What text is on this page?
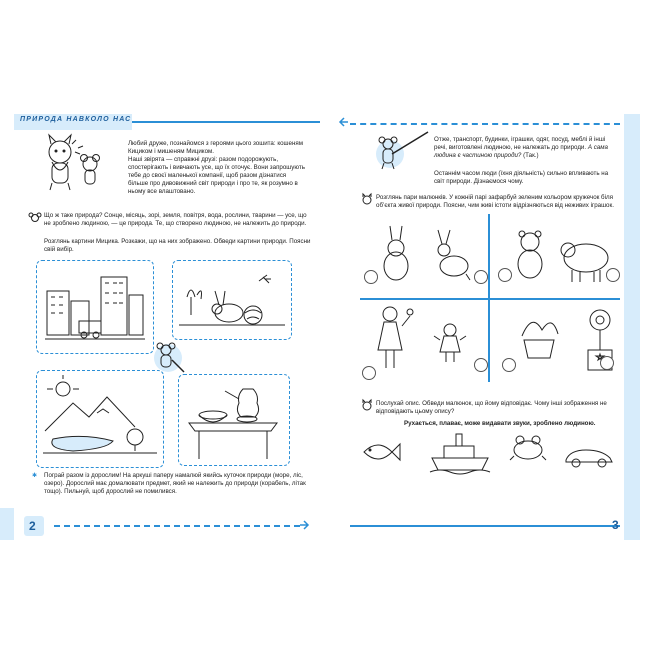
ПРИРОДА НАВКОЛО НАС
2
Любий друже, познайомся з героями цього зошита: кошеням Кициком і мишеням Мициком.
Наші звірята — справжні друзі: разом подорожують, спостерігають і вивчають усе, що їх оточує. Вони запрошують тебе до своєї маленької компанії, щоб разом дізнатися більше про дивовижний світ природи і про те, як розумно в ньому все влаштовано.
Що ж таке природа? Сонце, місяць, зорі, земля, повітря, вода, рослини, тварини — усе, що не зроблено людиною, — це природа. Те, що створено людиною, не належить до природи.
Розглянь картини Мицика. Розкажи, що на них зображено. Обведи картини природи. Поясни свій вибір.
✱	Пограй разом із дорослим! На аркуші паперу намалюй якийсь куточок природи (море, ліс, озеро). Дорослий має домалювати предмет, який не належить до природи (корабель, літак тощо). Пильнуй, щоб дорослий не помилився.
3
Отже, транспорт, будинки, іграшки, одяг, посуд, меблі й інші речі, виготовлені людиною, не належать до природи. А сама людина є частиною природи? (Так.)
Останнім часом люди (їхня діяльність) сильно впливають на світ природи. Дізнаємося чому.
Розглянь пари малюнків. У кожній парі зафарбуй зеленим кольором кружечок біля об’єкта живої природи. Поясни, чим живі істоти відрізняються від неживих іграшок.
Послухай опис. Обведи малюнок, що йому відповідає. Чому інші зображення не відповідають цьому опису?
Рухається, плаває, може видавати звуки, зроблено людиною.
